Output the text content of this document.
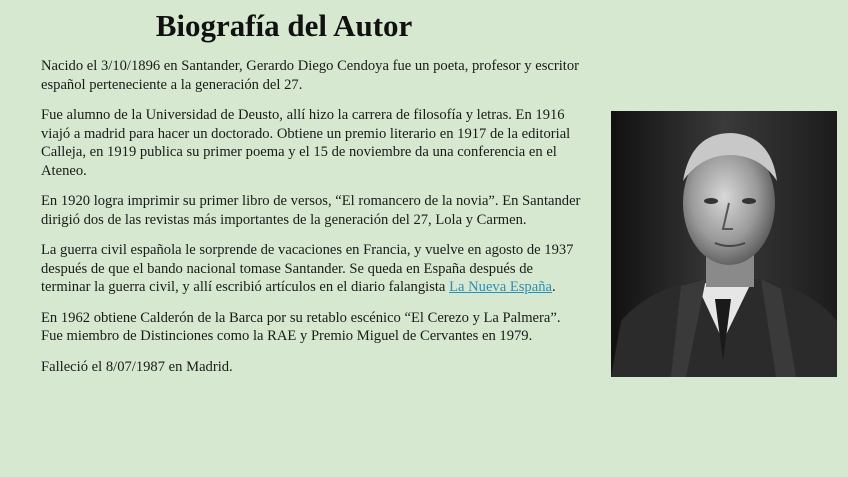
Biografía del Autor

Nacido el 3/10/1896 en Santander, Gerardo Diego Cendoya fue un poeta, profesor y escritor español perteneciente a la generación del 27.

Fue alumno de la Universidad de Deusto, allí hizo la carrera de filosofía y letras. En 1916 viajó a madrid para hacer un doctorado. Obtiene un premio literario en 1917 de la editorial Calleja, en 1919 publica su primer poema y el 15 de noviembre da una conferencia en el Ateneo.

En 1920 logra imprimir su primer libro de versos, “El romancero de la novia”. En Santander dirigió dos de las revistas más importantes de la generación del 27, Lola y Carmen.

La guerra civil española le sorprende de vacaciones en Francia, y vuelve en agosto de 1937 después de que el bando nacional tomase Santander. Se queda en España después de terminar la guerra civil, y allí escribió artículos en el diario falangista La Nueva España.

En 1962 obtiene Calderón de la Barca por su retablo escénico “El Cerezo y La Palmera”. Fue miembro de Distinciones como la RAE y Premio Miguel de Cervantes en 1979.

Falleció el 8/07/1987 en Madrid.
